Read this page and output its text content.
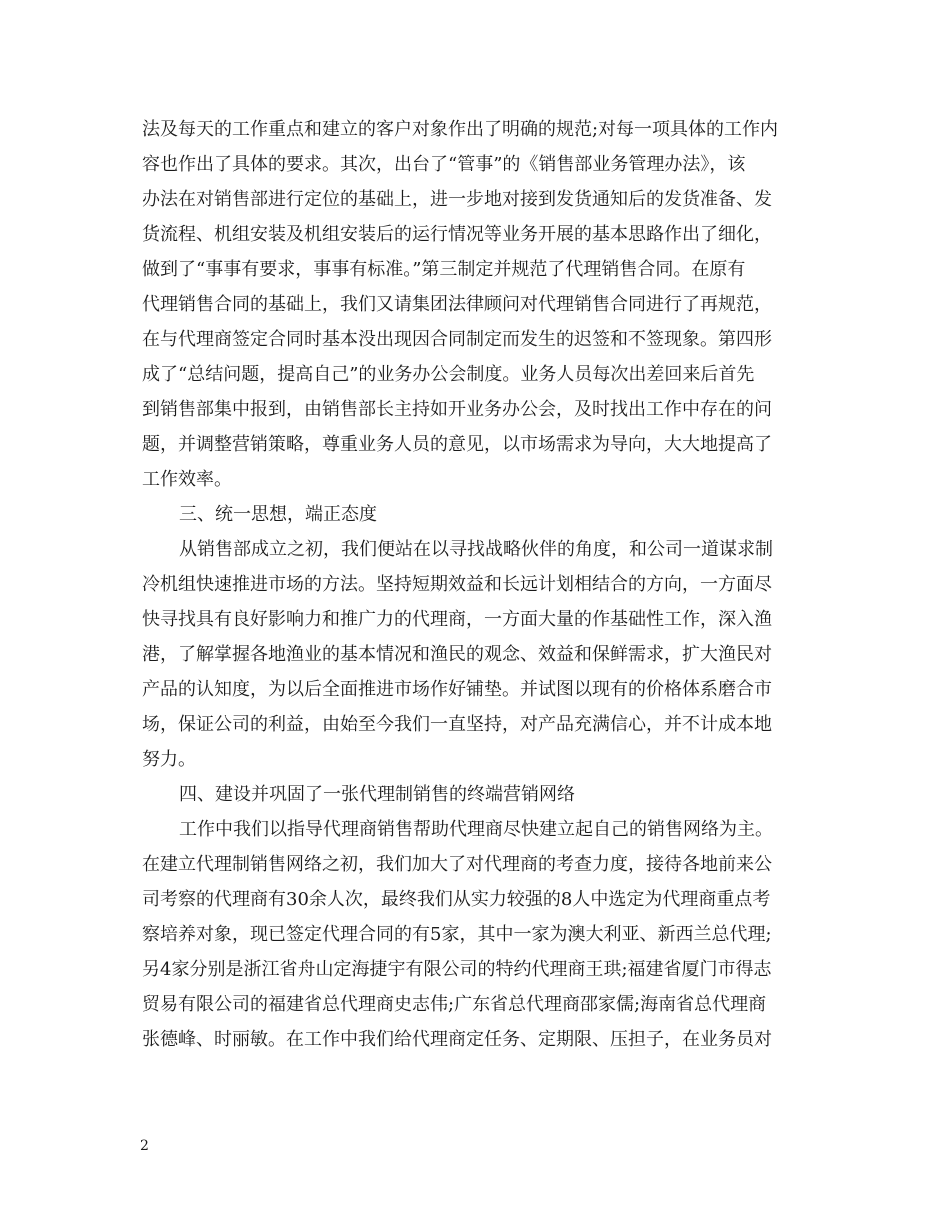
法及每天的工作重点和建立的客户对象作出了明确的规范;对每一项具体的工作内
容也作出了具体的要求。其次，出台了“管事”的《销售部业务管理办法》，该
办法在对销售部进行定位的基础上，进一步地对接到发货通知后的发货准备、发
货流程、机组安装及机组安装后的运行情况等业务开展的基本思路作出了细化，
做到了“事事有要求，事事有标准。”第三制定并规范了代理销售合同。在原有
代理销售合同的基础上，我们又请集团法律顾问对代理销售合同进行了再规范，
在与代理商签定合同时基本没出现因合同制定而发生的迟签和不签现象。第四形
成了“总结问题，提高自己”的业务办公会制度。业务人员每次出差回来后首先
到销售部集中报到，由销售部长主持如开业务办公会，及时找出工作中存在的问
题，并调整营销策略，尊重业务人员的意见，以市场需求为导向，大大地提高了
工作效率。

三、统一思想，端正态度

从销售部成立之初，我们便站在以寻找战略伙伴的角度，和公司一道谋求制
冷机组快速推进市场的方法。坚持短期效益和长远计划相结合的方向，一方面尽
快寻找具有良好影响力和推广力的代理商，一方面大量的作基础性工作，深入渔
港，了解掌握各地渔业的基本情况和渔民的观念、效益和保鲜需求，扩大渔民对
产品的认知度，为以后全面推进市场作好铺垫。并试图以现有的价格体系磨合市
场，保证公司的利益，由始至今我们一直坚持，对产品充满信心，并不计成本地
努力。

四、建设并巩固了一张代理制销售的终端营销网络

工作中我们以指导代理商销售帮助代理商尽快建立起自己的销售网络为主。
在建立代理制销售网络之初，我们加大了对代理商的考查力度，接待各地前来公
司考察的代理商有30余人次，最终我们从实力较强的8人中选定为代理商重点考
察培养对象，现已签定代理合同的有5家，其中一家为澳大利亚、新西兰总代理;
另4家分别是浙江省舟山定海捷宇有限公司的特约代理商王珙;福建省厦门市得志
贸易有限公司的福建省总代理商史志伟;广东省总代理商邵家儒;海南省总代理商
张德峰、时丽敏。在工作中我们给代理商定任务、定期限、压担子，在业务员对

2
